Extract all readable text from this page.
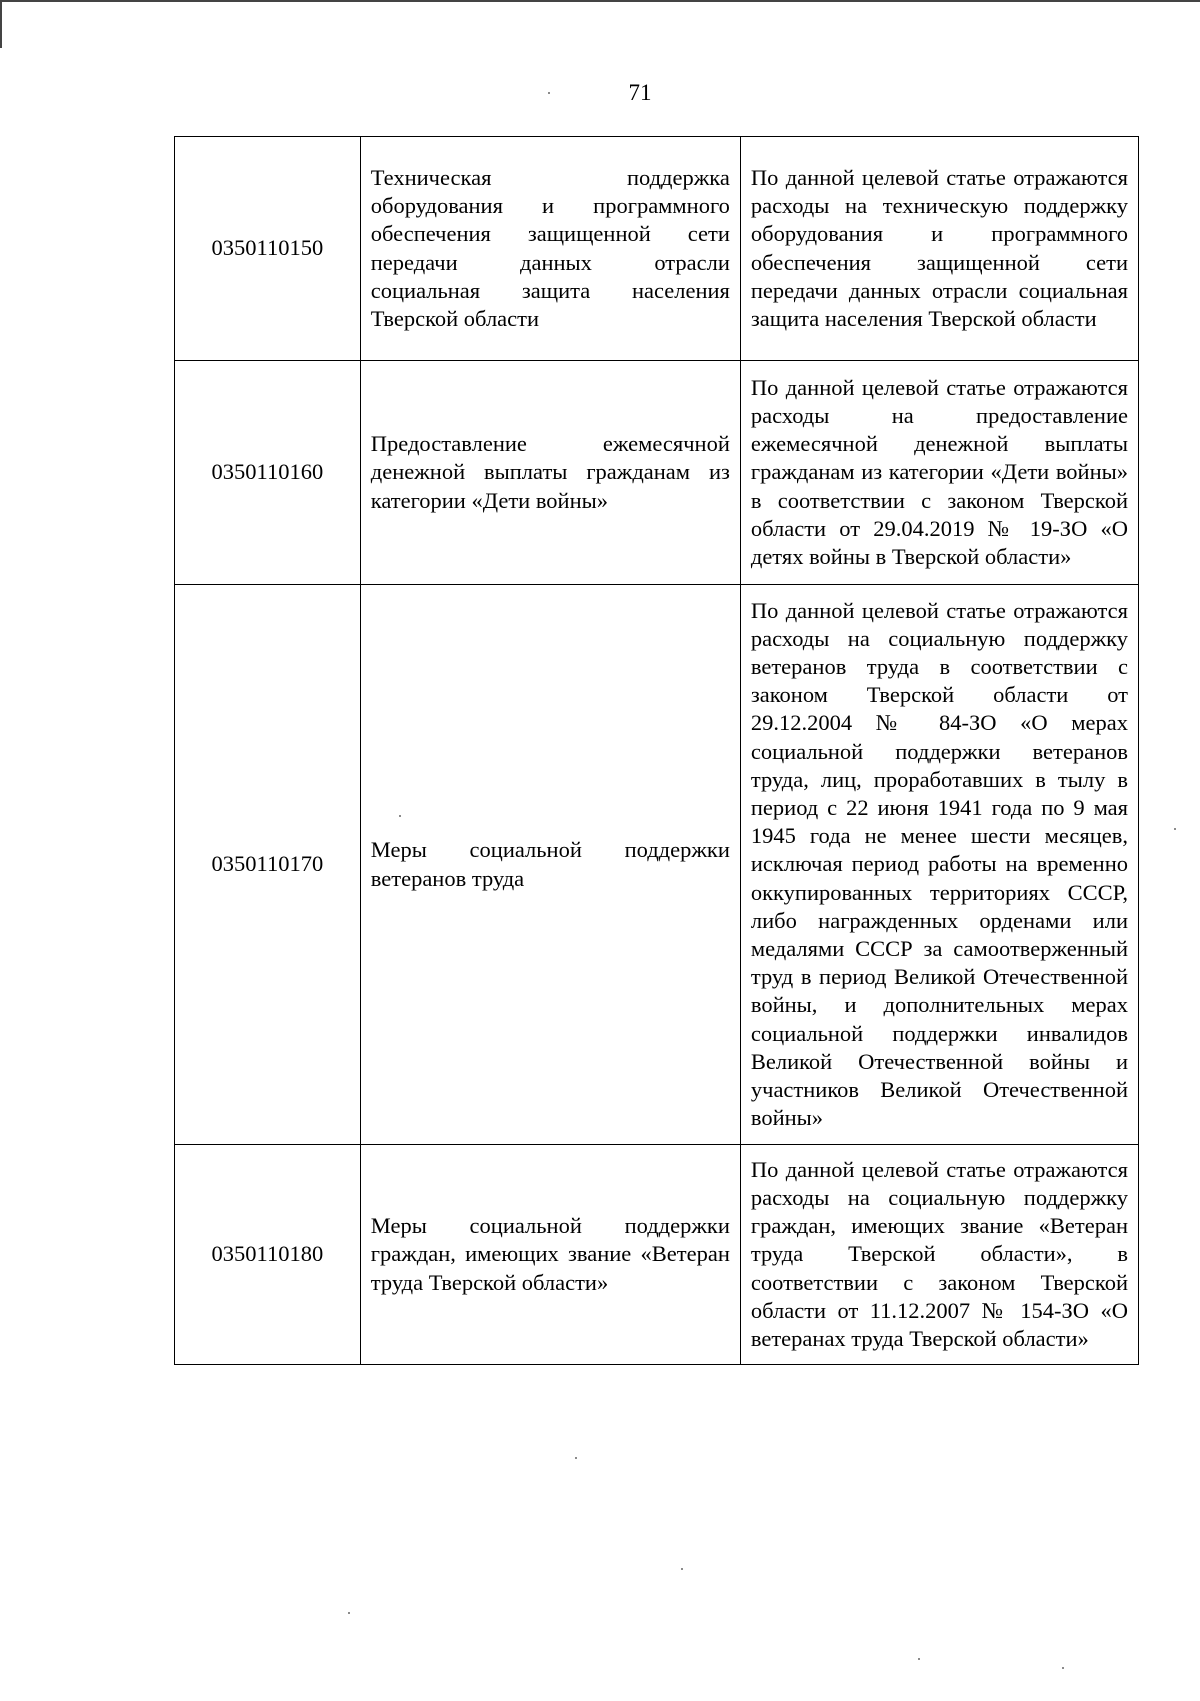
71
0350110150	Техническая поддержка оборудования и программного обеспечения защищенной сети передачи данных отрасли социальная защита населения Тверской области	По данной целевой статье отражаются расходы на техническую поддержку оборудования и программного обеспечения защищенной сети передачи данных отрасли социальная защита населения Тверской области
0350110160	Предоставление ежемесячной денежной выплаты гражданам из категории «Дети войны»	По данной целевой статье отражаются расходы на предоставление ежемесячной денежной выплаты гражданам из категории «Дети войны» в соответствии с законом Тверской области от 29.04.2019 № 19-ЗО «О детях войны в Тверской области»
0350110170	Меры социальной поддержки ветеранов труда	По данной целевой статье отражаются расходы на социальную поддержку ветеранов труда в соответствии с законом Тверской области от 29.12.2004 № 84-ЗО «О мерах социальной поддержки ветеранов труда, лиц, проработавших в тылу в период с 22 июня 1941 года по 9 мая 1945 года не менее шести месяцев, исключая период работы на временно оккупированных территориях СССР, либо награжденных орденами или медалями СССР за самоотверженный труд в период Великой Отечественной войны, и дополнительных мерах социальной поддержки инвалидов Великой Отечественной войны и участников Великой Отечественной войны»
0350110180	Меры социальной поддержки граждан, имеющих звание «Ветеран труда Тверской области»	По данной целевой статье отражаются расходы на социальную поддержку граждан, имеющих звание «Ветеран труда Тверской области», в соответствии с законом Тверской области от 11.12.2007 № 154-ЗО «О ветеранах труда Тверской области»
